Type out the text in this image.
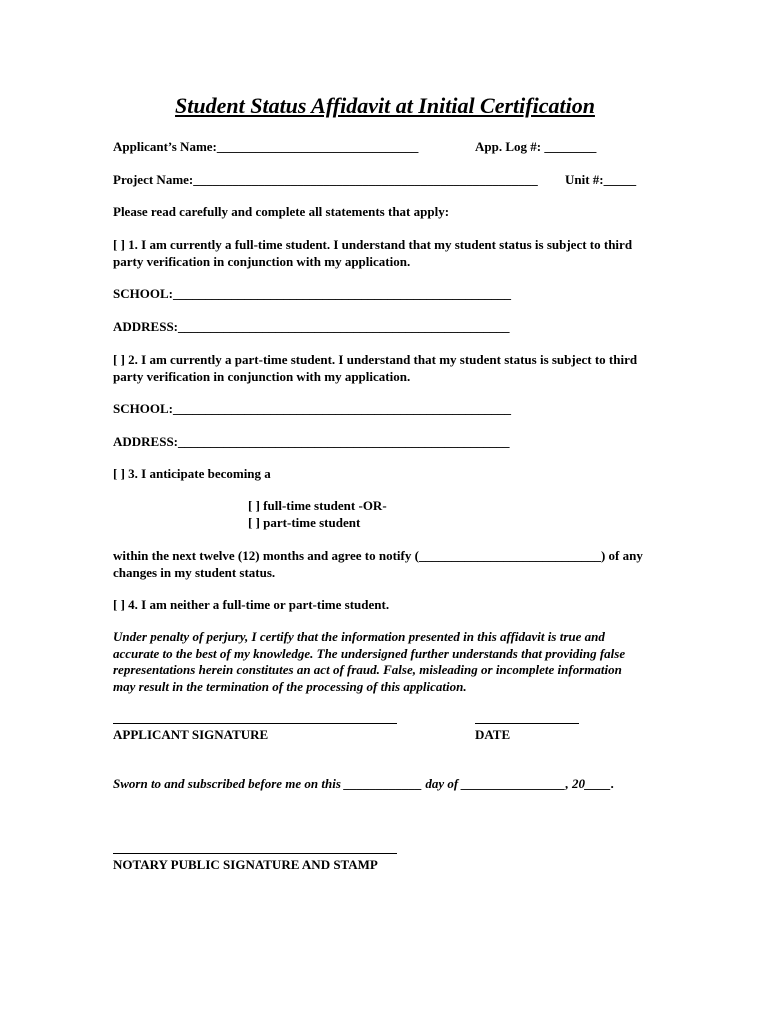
Student Status Affidavit at Initial Certification
Applicant’s Name:_______________________________	App. Log #: ________
Project Name:_____________________________________________________ Unit #:_____
Please read carefully and complete all statements that apply:
[ ] 1. I am currently a full-time student. I understand that my student status is subject to third party verification in conjunction with my application.
SCHOOL:____________________________________________________
ADDRESS:___________________________________________________
[ ] 2. I am currently a part-time student. I understand that my student status is subject to third party verification in conjunction with my application.
SCHOOL:____________________________________________________
ADDRESS:___________________________________________________
[ ] 3. I anticipate becoming a
[ ] full-time student -OR-
[ ] part-time student
within the next twelve (12) months and agree to notify (____________________________) of any changes in my student status.
[ ] 4. I am neither a full-time or part-time student.
Under penalty of perjury, I certify that the information presented in this affidavit is true and accurate to the best of my knowledge. The undersigned further understands that providing false representations herein constitutes an act of fraud. False, misleading or incomplete information may result in the termination of the processing of this application.
APPLICANT SIGNATURE	DATE
Sworn to and subscribed before me on this ____________ day of ________________, 20____.
NOTARY PUBLIC SIGNATURE AND STAMP
